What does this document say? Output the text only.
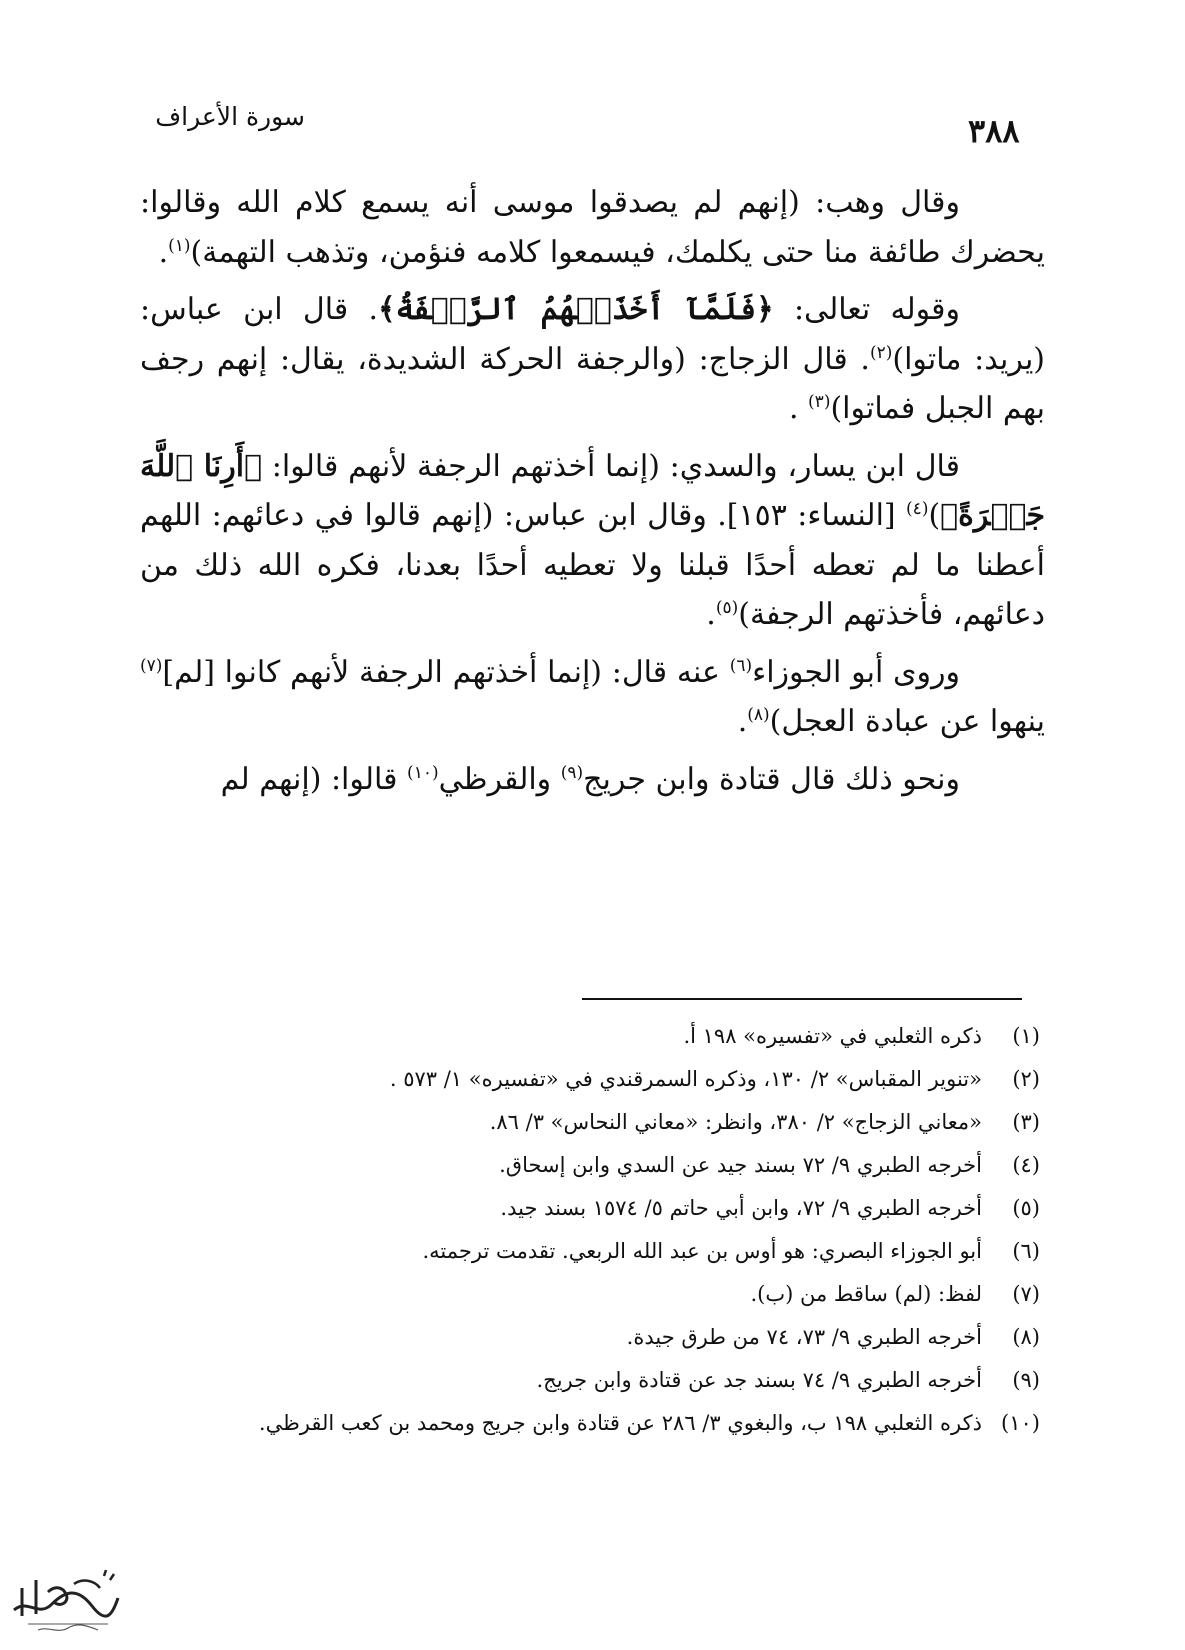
سورة الأعراف	٣٨٨

وقال وهب: (إنهم لم يصدقوا موسى أنه يسمع كلام الله وقالوا: يحضرك طائفة منا حتى يكلمك، فيسمعوا كلامه فنؤمن، وتذهب التهمة)$^{(١)}$.

وقوله تعالى: ﴿فَلَمَّآ أَخَذَتۡهُمُ ٱلرَّجۡفَةُ﴾. قال ابن عباس: (يريد: ماتوا)$^{(٢)}$. قال الزجاج: (والرجفة الحركة الشديدة، يقال: إنهم رجف بهم الجبل فماتوا)$^{(٣)}$ .

قال ابن يسار، والسدي: (إنما أخذتهم الرجفة لأنهم قالوا: ﴿أَرِنَا ٱللَّهَ جَهۡرَةً﴾)$^{(٤)}$ [النساء: ١٥٣]. وقال ابن عباس: (إنهم قالوا في دعائهم: اللهم أعطنا ما لم تعطه أحدًا قبلنا ولا تعطيه أحدًا بعدنا، فكره الله ذلك من دعائهم، فأخذتهم الرجفة)$^{(٥)}$.

وروى أبو الجوزاء$^{(٦)}$ عنه قال: (إنما أخذتهم الرجفة لأنهم كانوا [لم]$^{(٧)}$ ينهوا عن عبادة العجل)$^{(٨)}$.

ونحو ذلك قال قتادة وابن جريج$^{(٩)}$ والقرظي$^{(١٠)}$ قالوا: (إنهم لم

(١)
ذكره الثعلبي في «تفسيره» ١٩٨ أ.
(٢)
«تنوير المقباس» ٢/ ١٣٠، وذكره السمرقندي في «تفسيره» ١/ ٥٧٣ .
(٣)
«معاني الزجاج» ٢/ ٣٨٠، وانظر: «معاني النحاس» ٣/ ٨٦.
(٤)
أخرجه الطبري ٩/ ٧٢ بسند جيد عن السدي وابن إسحاق.
(٥)
أخرجه الطبري ٩/ ٧٢، وابن أبي حاتم ٥/ ١٥٧٤ بسند جيد.
(٦)
أبو الجوزاء البصري: هو أوس بن عبد الله الربعي. تقدمت ترجمته.
(٧)
لفظ: (لم) ساقط من (ب).
(٨)
أخرجه الطبري ٩/ ٧٣، ٧٤ من طرق جيدة.
(٩)
أخرجه الطبري ٩/ ٧٤ بسند جد عن قتادة وابن جريج.
(١٠)
ذكره الثعلبي ١٩٨ ب، والبغوي ٣/ ٢٨٦ عن قتادة وابن جريج ومحمد بن كعب القرظي.
